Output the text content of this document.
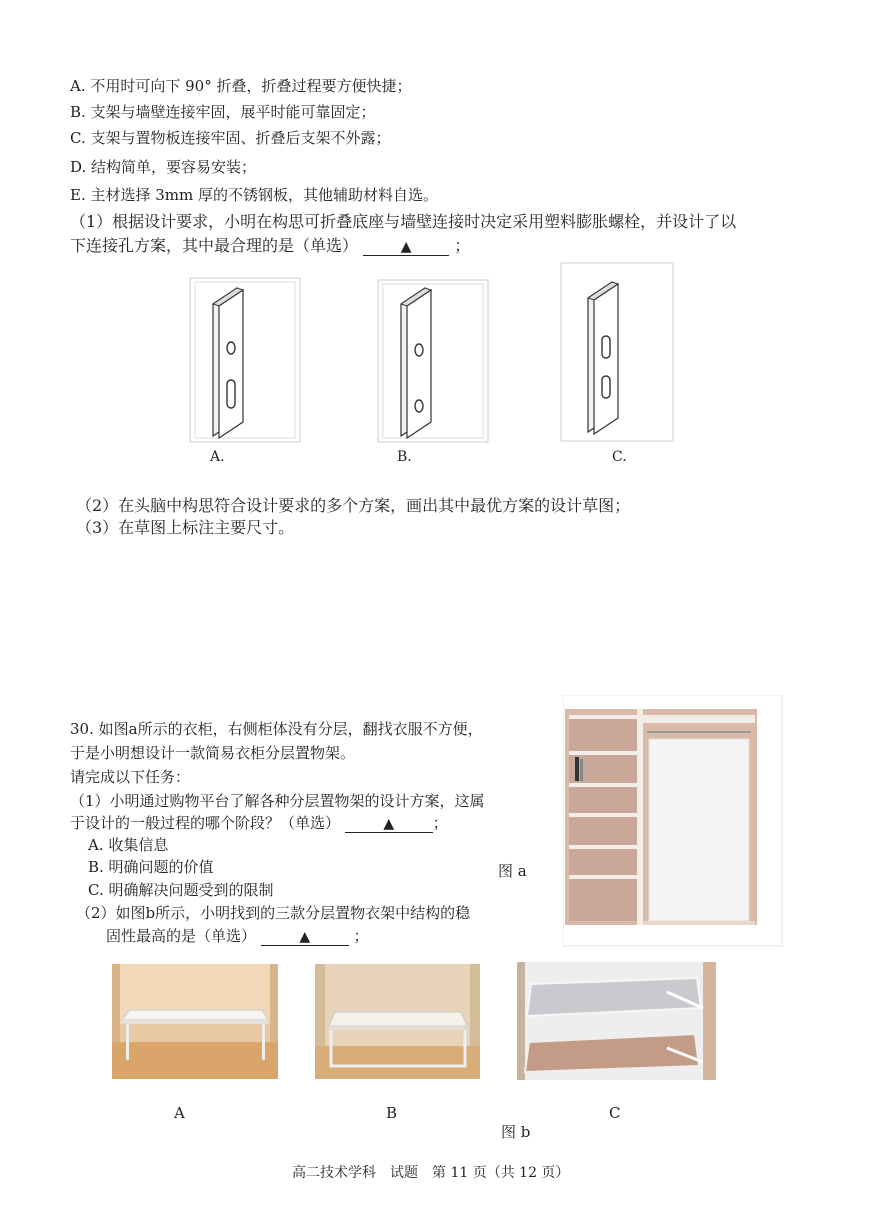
A. 不用时可向下 90° 折叠，折叠过程要方便快捷；
B. 支架与墙壁连接牢固，展平时能可靠固定；
C. 支架与置物板连接牢固、折叠后支架不外露；
D. 结构简单，要容易安装；
E. 主材选择 3mm 厚的不锈钢板，其他辅助材料自选。
（1）根据设计要求，小明在构思可折叠底座与墙壁连接时决定采用塑料膨胀螺栓，并设计了以
下连接孔方案，其中最合理的是（单选）	▲	；
A.	B.	C.
（2）在头脑中构思符合设计要求的多个方案，画出其中最优方案的设计草图；
（3）在草图上标注主要尺寸。
30. 如图a所示的衣柜，右侧柜体没有分层，翻找衣服不方便，
于是小明想设计一款简易衣柜分层置物架。
请完成以下任务：
（1）小明通过购物平台了解各种分层置物架的设计方案，这属
于设计的一般过程的哪个阶段？（单选）	▲	；
A. 收集信息
B. 明确问题的价值
C. 明确解决问题受到的限制
（2）如图b所示，小明找到的三款分层置物衣架中结构的稳
固性最高的是（单选）	▲	；
图 a
A	B	C
图 b
高二技术学科　试题　第 11 页（共 12 页）
